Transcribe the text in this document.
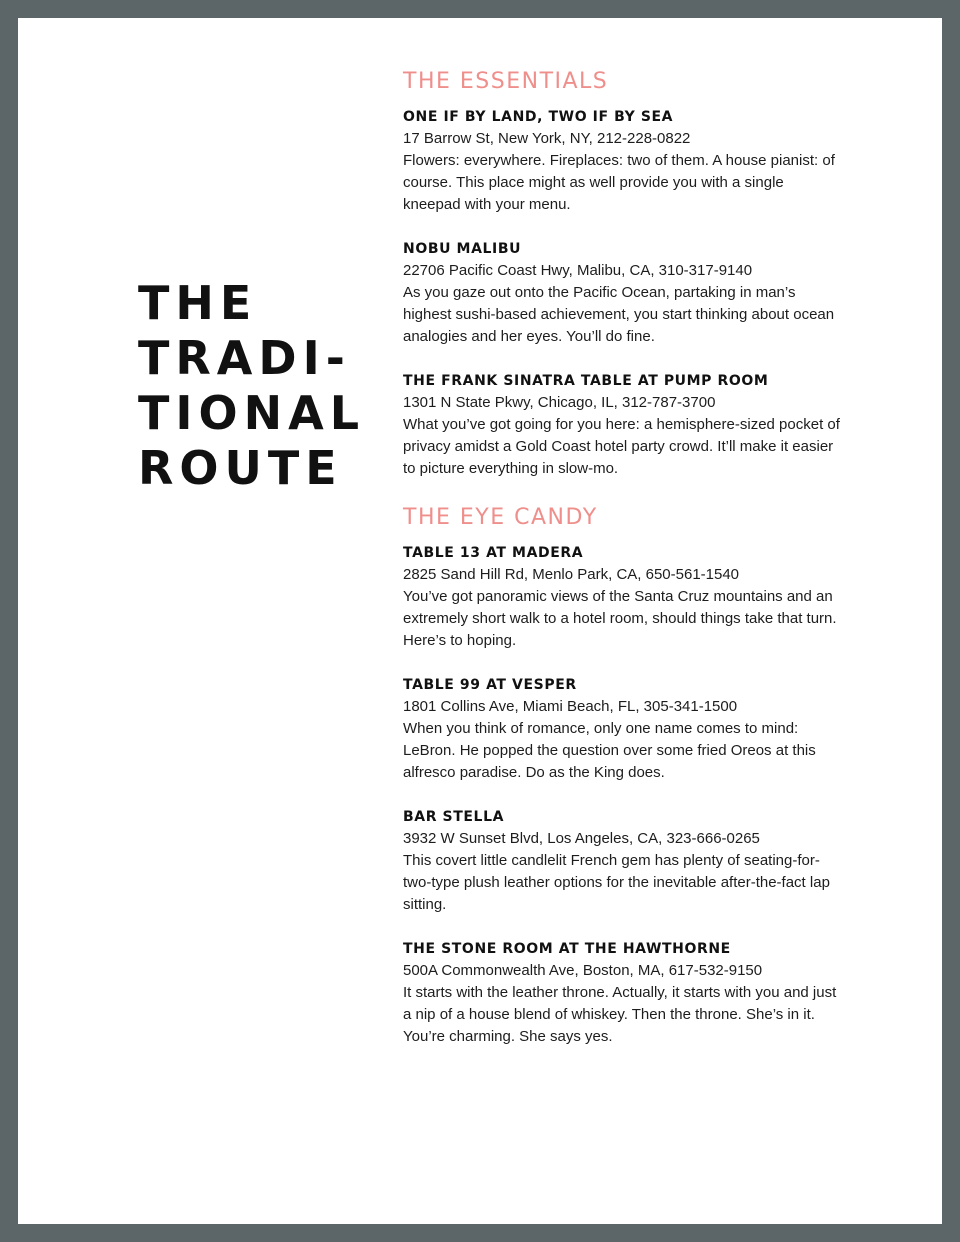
THE
TRADI-
TIONAL
ROUTE
THE ESSENTIALS
ONE IF BY LAND, TWO IF BY SEA
17 Barrow St, New York, NY, 212-228-0822
Flowers: everywhere. Fireplaces: two of them. A house pianist: of course. This place might as well provide you with a single kneepad with your menu.
NOBU MALIBU
22706 Pacific Coast Hwy, Malibu, CA, 310-317-9140
As you gaze out onto the Pacific Ocean, partaking in man’s highest sushi-based achievement, you start thinking about ocean analogies and her eyes. You’ll do fine.
THE FRANK SINATRA TABLE AT PUMP ROOM
1301 N State Pkwy, Chicago, IL, 312-787-3700
What you’ve got going for you here: a hemisphere-sized pocket of privacy amidst a Gold Coast hotel party crowd. It’ll make it easier to picture everything in slow-mo.
THE EYE CANDY
TABLE 13 AT MADERA
2825 Sand Hill Rd, Menlo Park, CA, 650-561-1540
You’ve got panoramic views of the Santa Cruz mountains and an extremely short walk to a hotel room, should things take that turn. Here’s to hoping.
TABLE 99 AT VESPER
1801 Collins Ave, Miami Beach, FL, 305-341-1500
When you think of romance, only one name comes to mind: LeBron. He popped the question over some fried Oreos at this alfresco paradise. Do as the King does.
BAR STELLA
3932 W Sunset Blvd, Los Angeles, CA, 323-666-0265
This covert little candlelit French gem has plenty of seating-for-two-type plush leather options for the inevitable after-the-fact lap sitting.
THE STONE ROOM AT THE HAWTHORNE
500A Commonwealth Ave, Boston, MA, 617-532-9150
It starts with the leather throne. Actually, it starts with you and just a nip of a house blend of whiskey. Then the throne. She’s in it. You’re charming. She says yes.
